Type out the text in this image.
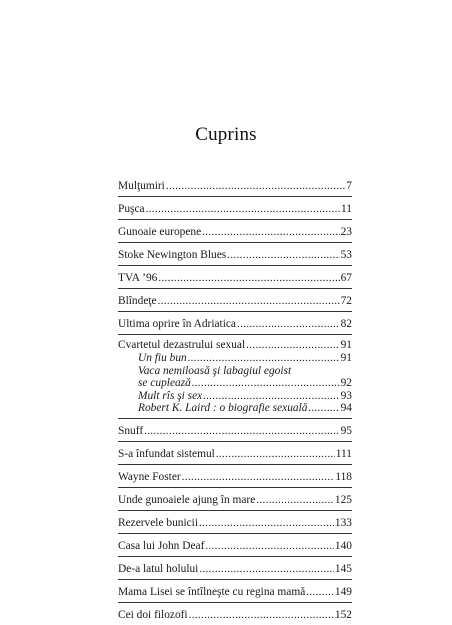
Cuprins
Mulţumiri . . .	7
Puşca . . .	11
Gunoaie europene . . .	23
Stoke Newington Blues . . .	53
TVA ’96 . . .	67
Blîndeţe . . .	72
Ultima oprire în Adriatica . . .	82
Cvartetul dezastrului sexual . . .	91
Un fiu bun . . .	91
Vaca nemiloasă şi labagiul egoist
se cuplează . . .	92
Mult rîs şi sex . . .	93
Robert K. Laird : o biografie sexuală . . .	94
Snuff . . .	95
S-a înfundat sistemul . . .	111
Wayne Foster . . .	118
Unde gunoaiele ajung în mare . . .	125
Rezervele bunicii . . .	133
Casa lui John Deaf . . .	140
De-a latul holului . . .	145
Mama Lisei se întîlneşte cu regina mamă . . .	149
Cei doi filozofi . . .	152
